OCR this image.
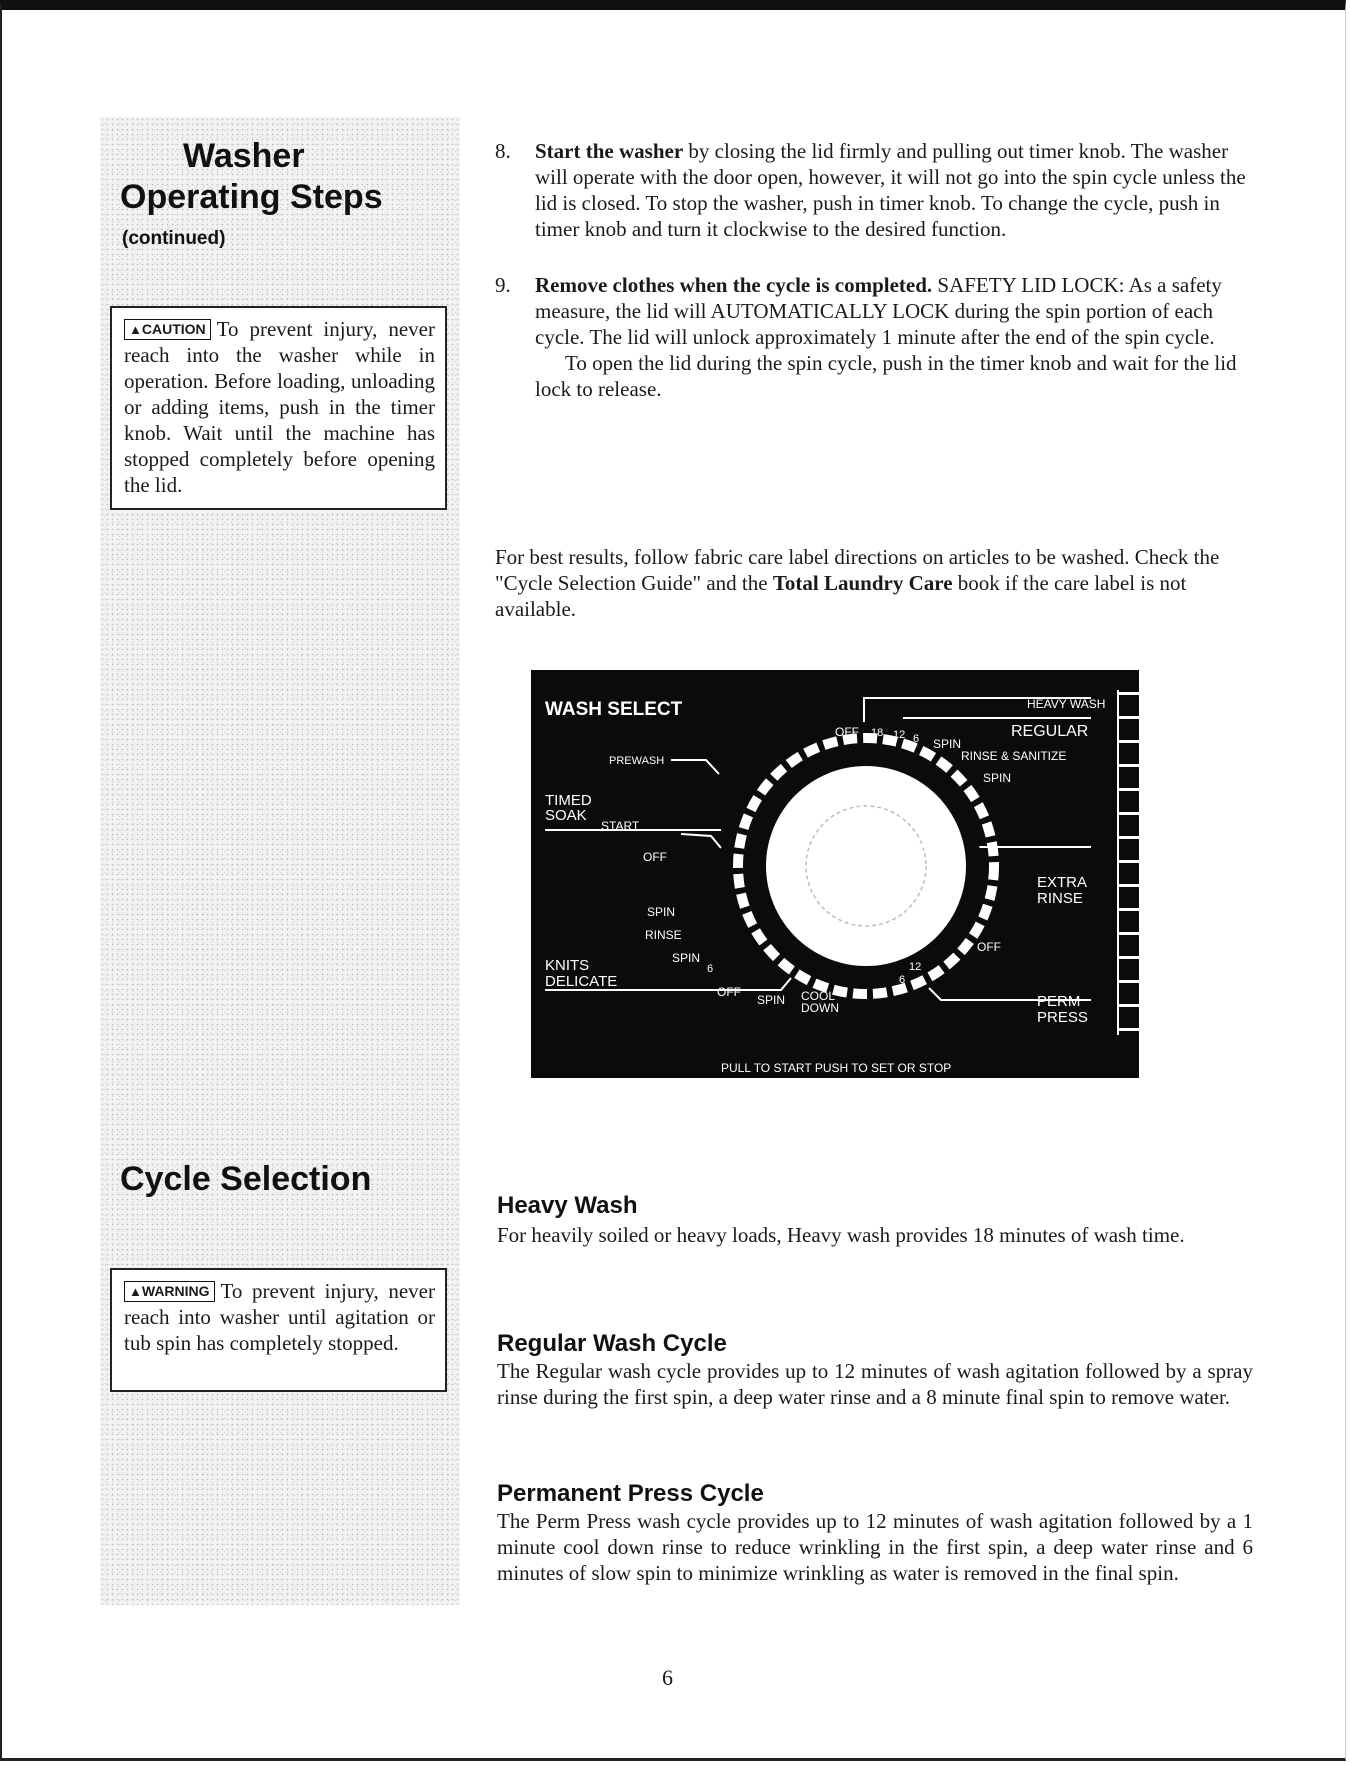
Washer
Operating Steps
(continued)
▲CAUTION To prevent injury, never reach into the washer while in operation. Before loading, unloading or adding items, push in the timer knob. Wait until the machine has stopped completely before opening the lid.
Cycle Selection
▲WARNING To prevent injury, never reach into washer until agitation or tub spin has completely stopped.
8. Start the washer by closing the lid firmly and pulling out timer knob. The washer will operate with the door open, however, it will not go into the spin cycle unless the lid is closed. To stop the washer, push in timer knob. To change the cycle, push in timer knob and turn it clockwise to the desired function.

9. Remove clothes when the cycle is completed. SAFETY LID LOCK: As a safety measure, the lid will AUTOMATICALLY LOCK during the spin portion of each cycle. The lid will unlock approximately 1 minute after the end of the spin cycle.

To open the lid during the spin cycle, push in the timer knob and wait for the lid lock to release.

For best results, follow fabric care label directions on articles to be washed. Check the "Cycle Selection Guide" and the Total Laundry Care book if the care label is not available.

WASH SELECT	HEAVY WASH
REGULAR
RINSE & SANITIZE
SPIN
OFF 18 12 6 SPIN
PREWASH
TIMED
SOAK
START
OFF
SPIN
RINSE
SPIN
6
KNITS
DELICATE
OFF
SPIN COOL
DOWN
12
6
OFF
EXTRA
RINSE
OFF
PERM
PRESS
PULL TO START PUSH TO SET OR STOP
Heavy Wash

For heavily soiled or heavy loads, Heavy wash provides 18 minutes of wash time.

Regular Wash Cycle

The Regular wash cycle provides up to 12 minutes of wash agitation followed by a spray rinse during the first spin, a deep water rinse and a 8 minute final spin to remove water.

Permanent Press Cycle

The Perm Press wash cycle provides up to 12 minutes of wash agitation followed by a 1 minute cool down rinse to reduce wrinkling in the first spin, a deep water rinse and 6 minutes of slow spin to minimize wrinkling as water is removed in the final spin.

6
